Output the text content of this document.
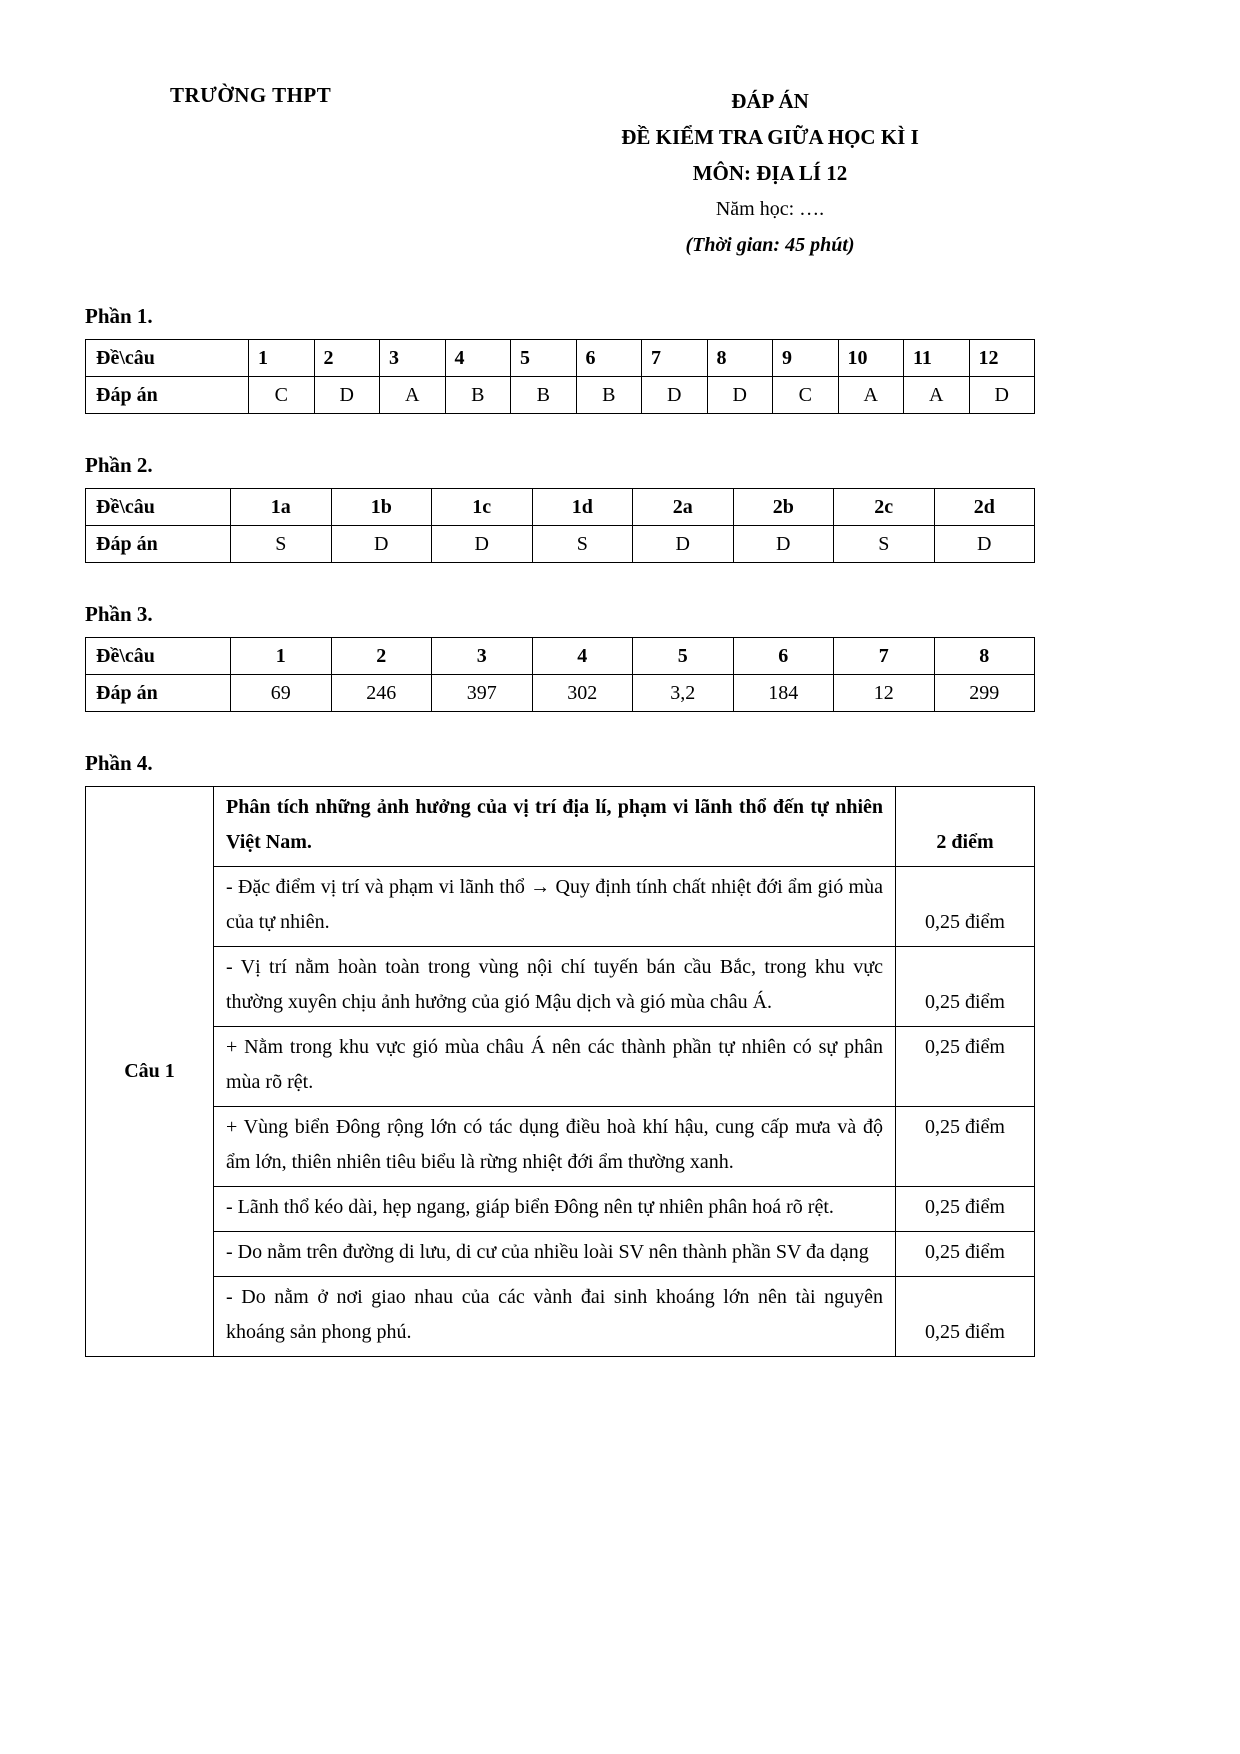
TRƯỜNG THPT	ĐÁP ÁN
ĐỀ KIỂM TRA GIỮA HỌC KÌ I
MÔN: ĐỊA LÍ 12
Năm học: ….
(Thời gian: 45 phút)
Phần 1.
Đề\câu	1	2	3	4	5	6	7	8	9	10	11	12
Đáp án	C	D	A	B	B	B	D	D	C	A	A	D
Phần 2.
Đề\câu	1a	1b	1c	1d	2a	2b	2c	2d
Đáp án	S	D	D	S	D	D	S	D
Phần 3.
Đề\câu	1	2	3	4	5	6	7	8
Đáp án	69	246	397	302	3,2	184	12	299
Phần 4.
Câu 1	Phân tích những ảnh hưởng của vị trí địa lí, phạm vi lãnh thổ đến tự nhiên Việt Nam.	2 điểm
	- Đặc điểm vị trí và phạm vi lãnh thổ → Quy định tính chất nhiệt đới ẩm gió mùa của tự nhiên.	0,25 điểm
	- Vị trí nằm hoàn toàn trong vùng nội chí tuyến bán cầu Bắc, trong khu vực thường xuyên chịu ảnh hưởng của gió Mậu dịch và gió mùa châu Á.	0,25 điểm
	+ Nằm trong khu vực gió mùa châu Á nên các thành phần tự nhiên có sự phân mùa rõ rệt.	0,25 điểm
	+ Vùng biển Đông rộng lớn có tác dụng điều hoà khí hậu, cung cấp mưa và độ ẩm lớn, thiên nhiên tiêu biểu là rừng nhiệt đới ẩm thường xanh.	0,25 điểm
	- Lãnh thổ kéo dài, hẹp ngang, giáp biển Đông nên tự nhiên phân hoá rõ rệt.	0,25 điểm
	- Do nằm trên đường di lưu, di cư của nhiều loài SV nên thành phần SV đa dạng	0,25 điểm
	- Do nằm ở nơi giao nhau của các vành đai sinh khoáng lớn nên tài nguyên khoáng sản phong phú.	0,25 điểm
